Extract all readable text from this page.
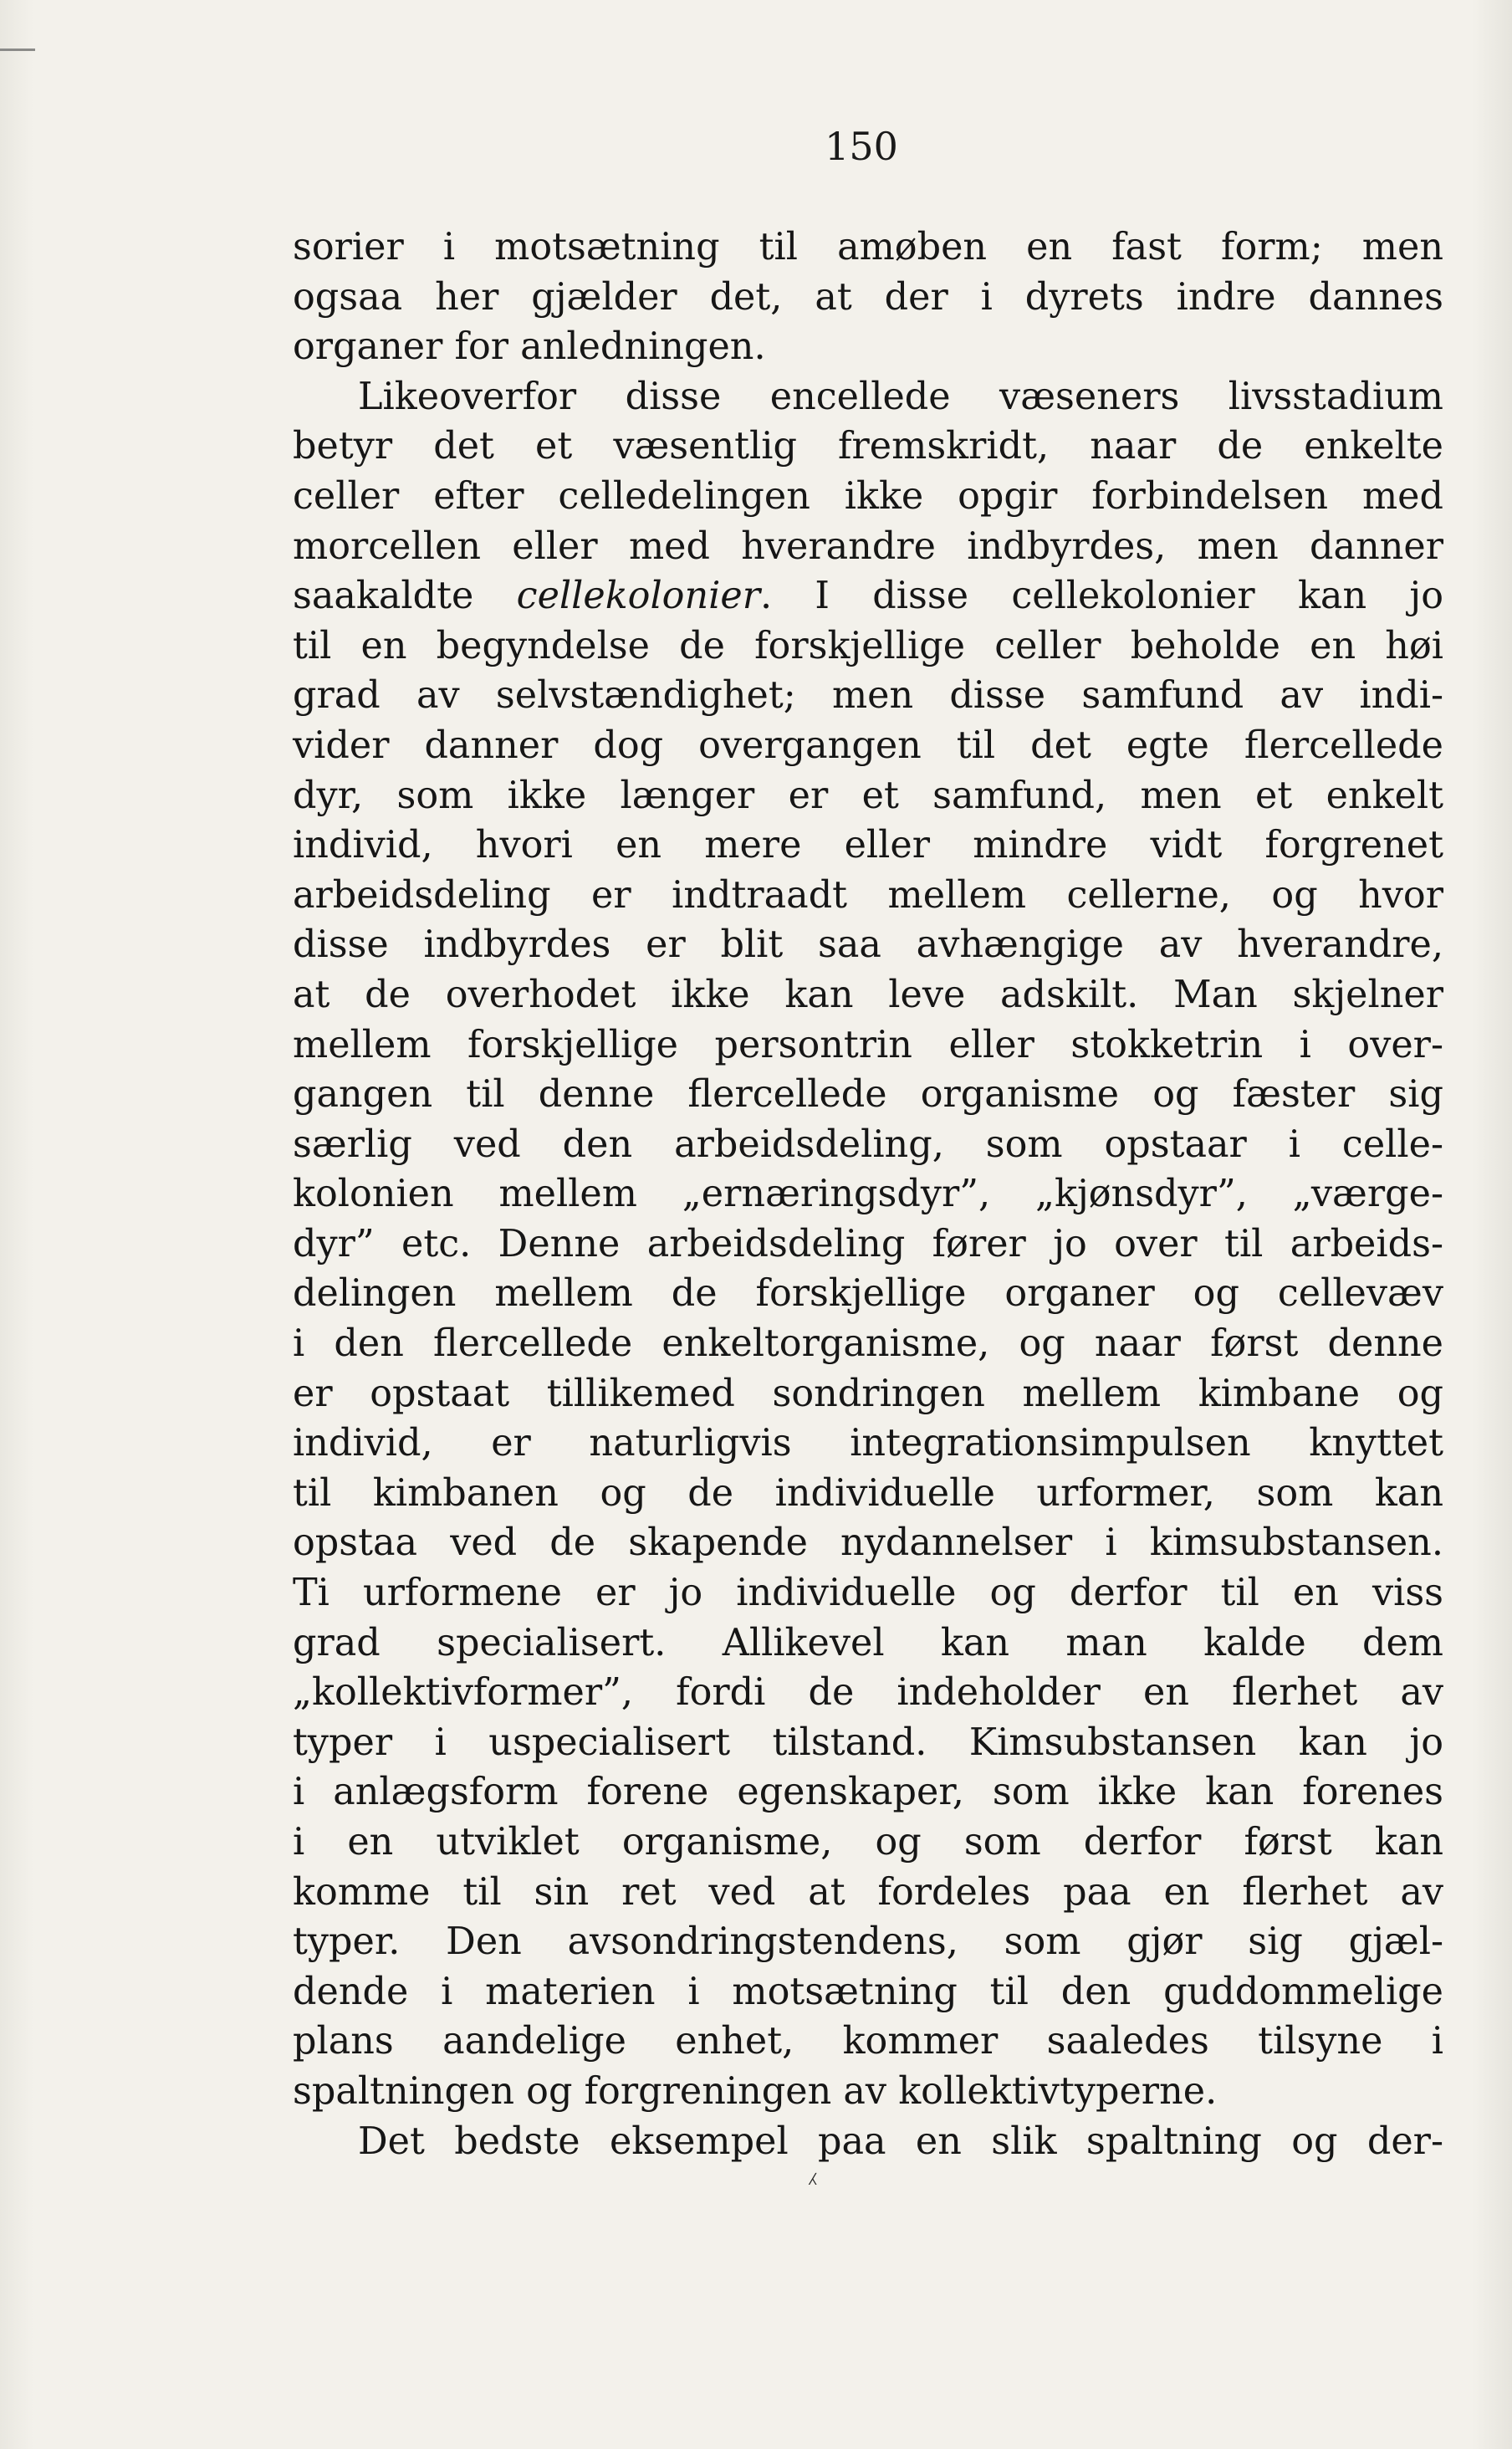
150

sorier i motsætning til amøben en fast form; men
ogsaa her gjælder det, at der i dyrets indre dannes
organer for anledningen.
Likeoverfor disse encellede væseners livsstadium
betyr det et væsentlig fremskridt, naar de enkelte
celler efter celledelingen ikke opgir forbindelsen med
morcellen eller med hverandre indbyrdes, men danner
saakaldte cellekolonier. I disse cellekolonier kan jo
til en begyndelse de forskjellige celler beholde en høi
grad av selvstændighet; men disse samfund av indi-
vider danner dog overgangen til det egte flercellede
dyr, som ikke længer er et samfund, men et enkelt
individ, hvori en mere eller mindre vidt forgrenet
arbeidsdeling er indtraadt mellem cellerne, og hvor
disse indbyrdes er blit saa avhængige av hverandre,
at de overhodet ikke kan leve adskilt. Man skjelner
mellem forskjellige persontrin eller stokketrin i over-
gangen til denne flercellede organisme og fæster sig
særlig ved den arbeidsdeling, som opstaar i celle-
kolonien mellem „ernæringsdyr”, „kjønsdyr”, „værge-
dyr” etc. Denne arbeidsdeling fører jo over til arbeids-
delingen mellem de forskjellige organer og cellevæv
i den flercellede enkeltorganisme, og naar først denne
er opstaat tillikemed sondringen mellem kimbane og
individ, er naturligvis integrationsimpulsen knyttet
til kimbanen og de individuelle urformer, som kan
opstaa ved de skapende nydannelser i kimsubstansen.
Ti urformene er jo individuelle og derfor til en viss
grad specialisert. Allikevel kan man kalde dem
„kollektivformer”, fordi de indeholder en flerhet av
typer i uspecialisert tilstand. Kimsubstansen kan jo
i anlægsform forene egenskaper, som ikke kan forenes
i en utviklet organisme, og som derfor først kan
komme til sin ret ved at fordeles paa en flerhet av
typer. Den avsondringstendens, som gjør sig gjæl-
dende i materien i motsætning til den guddommelige
plans aandelige enhet, kommer saaledes tilsyne i
spaltningen og forgreningen av kollektivtyperne.
Det bedste eksempel paa en slik spaltning og der-
⁁
